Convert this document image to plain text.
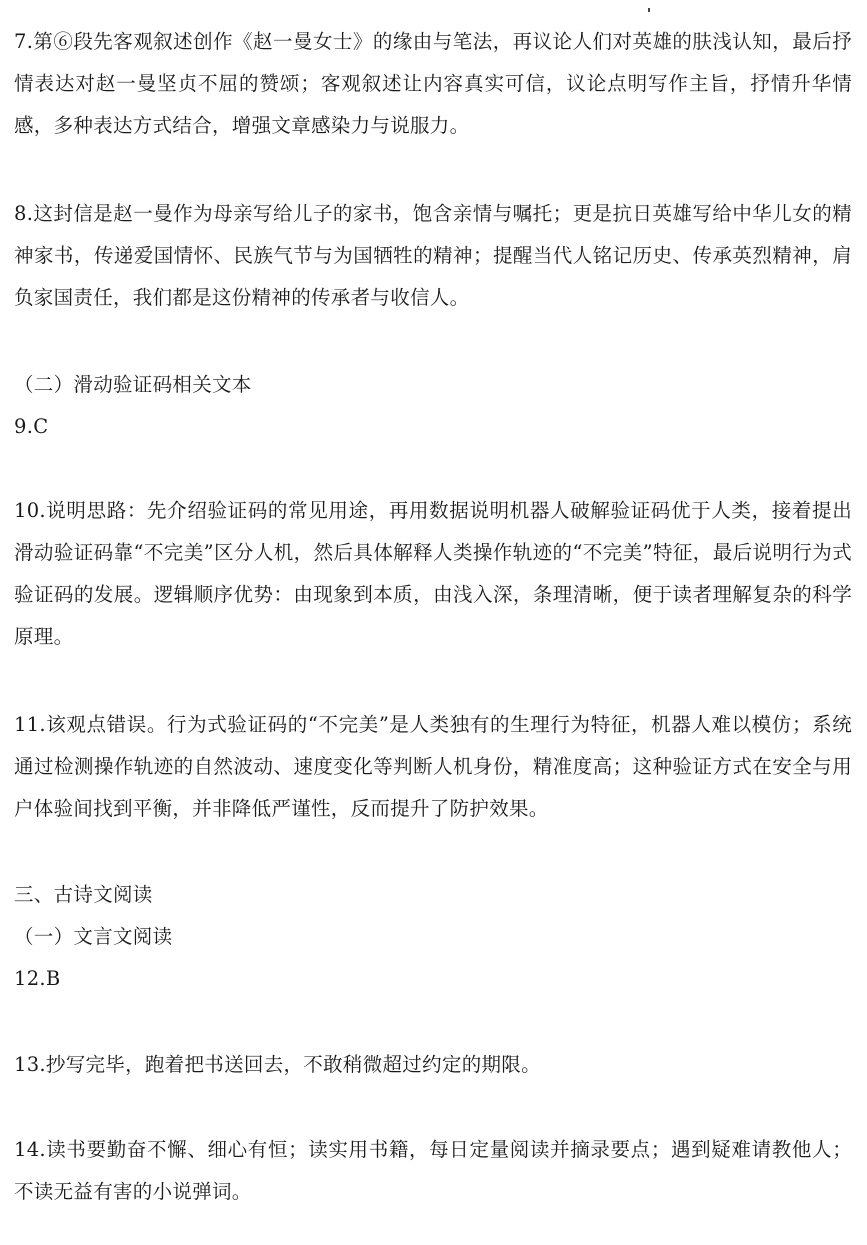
7.第⑥段先客观叙述创作《赵一曼女士》的缘由与笔法，再议论人们对英雄的肤浅认知，最后抒情表达对赵一曼坚贞不屈的赞颂；客观叙述让内容真实可信，议论点明写作主旨，抒情升华情感，多种表达方式结合，增强文章感染力与说服力。
8.这封信是赵一曼作为母亲写给儿子的家书，饱含亲情与嘱托；更是抗日英雄写给中华儿女的精神家书，传递爱国情怀、民族气节与为国牺牲的精神；提醒当代人铭记历史、传承英烈精神，肩负家国责任，我们都是这份精神的传承者与收信人。
（二）滑动验证码相关文本
9.C
10.说明思路：先介绍验证码的常见用途，再用数据说明机器人破解验证码优于人类，接着提出滑动验证码靠“不完美”区分人机，然后具体解释人类操作轨迹的“不完美”特征，最后说明行为式验证码的发展。逻辑顺序优势：由现象到本质，由浅入深，条理清晰，便于读者理解复杂的科学原理。
11.该观点错误。行为式验证码的“不完美”是人类独有的生理行为特征，机器人难以模仿；系统通过检测操作轨迹的自然波动、速度变化等判断人机身份，精准度高；这种验证方式在安全与用户体验间找到平衡，并非降低严谨性，反而提升了防护效果。
三、古诗文阅读
（一）文言文阅读
12.B
13.抄写完毕，跑着把书送回去，不敢稍微超过约定的期限。
14.读书要勤奋不懈、细心有恒；读实用书籍，每日定量阅读并摘录要点；遇到疑难请教他人；不读无益有害的小说弹词。
